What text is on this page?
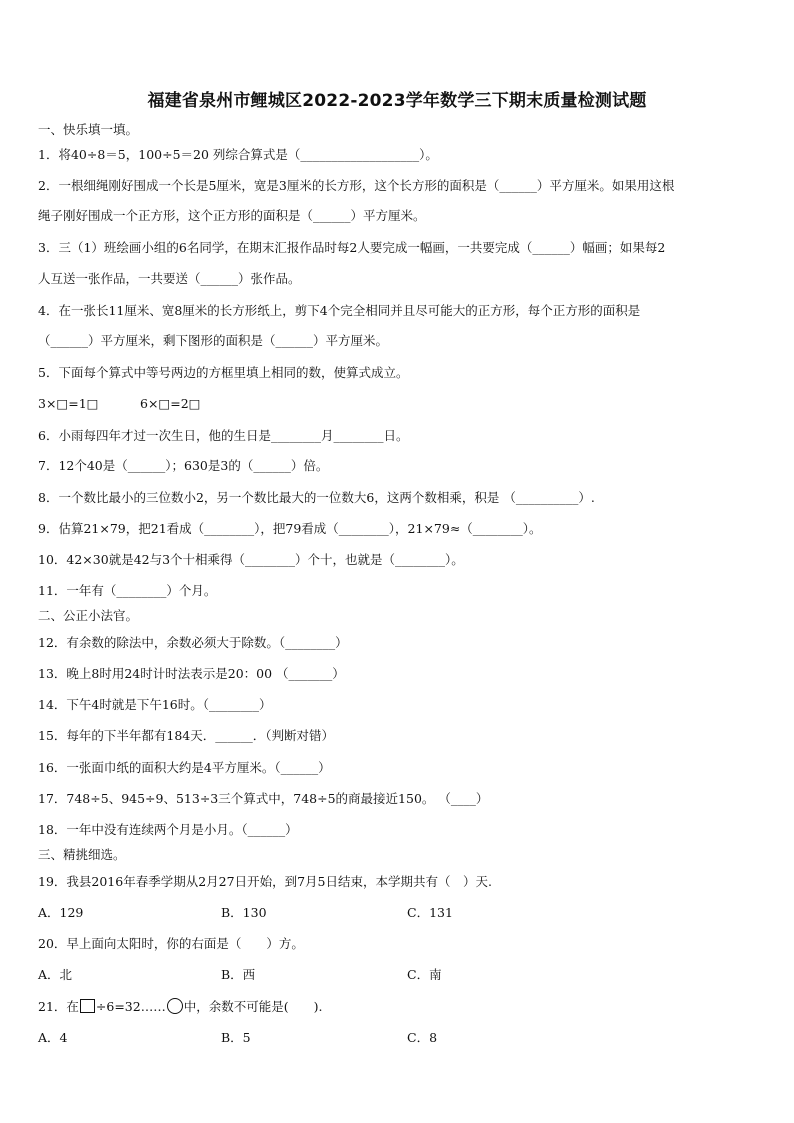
福建省泉州市鲤城区2022-2023学年数学三下期末质量检测试题
一、快乐填一填。
1．将40÷8＝5，100÷5＝20 列综合算式是（___________________）。
2．一根细绳刚好围成一个长是5厘米，宽是3厘米的长方形，这个长方形的面积是（______）平方厘米。如果用这根
绳子刚好围成一个正方形，这个正方形的面积是（______）平方厘米。
3．三（1）班绘画小组的6名同学，在期末汇报作品时每2人要完成一幅画，一共要完成（______）幅画；如果每2
人互送一张作品，一共要送（______）张作品。
4．在一张长11厘米、宽8厘米的长方形纸上，剪下4个完全相同并且尽可能大的正方形，每个正方形的面积是
（______）平方厘米，剩下图形的面积是（______）平方厘米。
5．下面每个算式中等号两边的方框里填上相同的数，使算式成立。
3×□=1□	6×□=2□
6．小雨每四年才过一次生日，他的生日是________月________日。
7．12个40是（______）；630是3的（______）倍。
8．一个数比最小的三位数小2，另一个数比最大的一位数大6，这两个数相乘，积是 （__________）.
9．估算21×79，把21看成（________），把79看成（________），21×79≈（________）。
10．42×30就是42与3个十相乘得（________）个十，也就是（________）。
11．一年有（________）个月。
二、公正小法官。
12．有余数的除法中，余数必须大于除数。（________）
13．晚上8时用24时计时法表示是20：00 （_______）
14．下午4时就是下午16时。（________）
15．每年的下半年都有184天．______．（判断对错）
16．一张面巾纸的面积大约是4平方厘米。（______）
17．748÷5、945÷9、513÷3三个算式中，748÷5的商最接近150。 （____）
18．一年中没有连续两个月是小月。（______）
三、精挑细选。
19．我县2016年春季学期从2月27日开始，到7月5日结束，本学期共有（　）天.
A．129	B．130	C．131
20．早上面向太阳时，你的右面是（　　）方。
A．北	B．西	C．南
21．在 ÷6=32…… 中，余数不可能是(　　).
A．4	B．5	C．8
